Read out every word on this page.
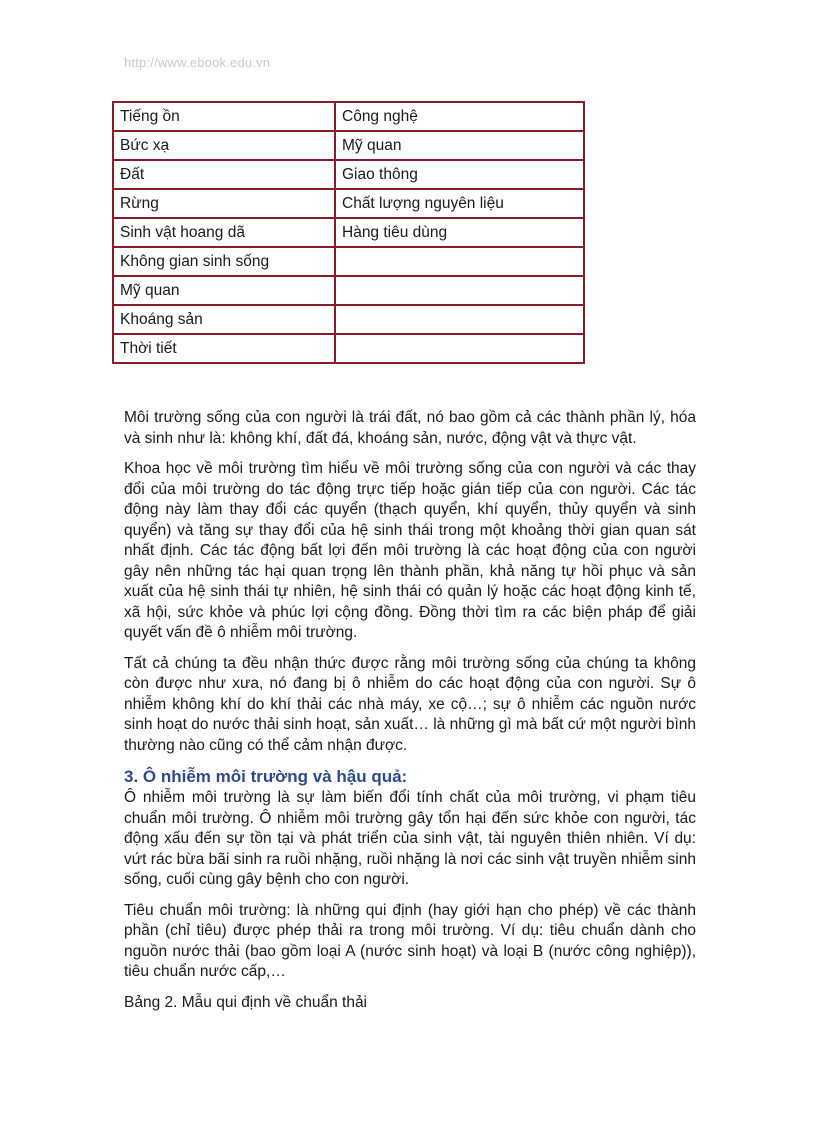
http://www.ebook.edu.vn
Tiếng ồn	Công nghệ
Bức xạ	Mỹ quan
Đất	Giao thông
Rừng	Chất lượng nguyên liệu
Sinh vật hoang dã	Hàng tiêu dùng
Không gian sinh sống	
Mỹ quan	
Khoáng sản	
Thời tiết	

Môi trường sống của con người là trái đất, nó bao gồm cả các thành phần lý, hóa và sinh như là: không khí, đất đá, khoáng sản, nước, động vật và thực vật.

Khoa học về môi trường tìm hiểu về môi trường sống của con người và các thay đổi của môi trường do tác động trực tiếp hoặc gián tiếp của con người. Các tác động này làm thay đổi các quyển (thạch quyển, khí quyển, thủy quyển và sinh quyển) và tăng sự thay đổi của hệ sinh thái trong một khoảng thời gian quan sát nhất định. Các tác động bất lợi đến môi trường là các hoạt động của con người gây nên những tác hại quan trọng lên thành phần, khả năng tự hồi phục và sản xuất của hệ sinh thái tự nhiên, hệ sinh thái có quản lý hoặc các hoạt động kinh tế, xã hội, sức khỏe và phúc lợi cộng đồng. Đồng thời tìm ra các biện pháp để giải quyết vấn đề ô nhiễm môi trường.

Tất cả chúng ta đều nhận thức được rằng môi trường sống của chúng ta không còn được như xưa, nó đang bị ô nhiễm do các hoạt động của con người. Sự ô nhiễm không khí do khí thải các nhà máy, xe cộ…; sự ô nhiễm các nguồn nước sinh hoạt do nước thải sinh hoạt, sản xuất… là những gì mà bất cứ một người bình thường nào cũng có thể cảm nhận được.

3. Ô nhiễm môi trường và hậu quả:

Ô nhiễm môi trường là sự làm biến đổi tính chất của môi trường, vi phạm tiêu chuẩn môi trường. Ô nhiễm môi trường gây tổn hại đến sức khỏe con người, tác động xấu đến sự tồn tại và phát triển của sinh vật, tài nguyên thiên nhiên. Ví dụ: vứt rác bừa bãi sinh ra ruồi nhặng, ruồi nhặng là nơi các sinh vật truyền nhiễm sinh sống, cuối cùng gây bệnh cho con người.

Tiêu chuẩn môi trường: là những qui định (hay giới hạn cho phép) về các thành phần (chỉ tiêu) được phép thải ra trong môi trường. Ví dụ: tiêu chuẩn dành cho nguồn nước thải (bao gồm loại A (nước sinh hoạt) và loại B (nước công nghiệp)), tiêu chuẩn nước cấp,…

Bảng 2. Mẫu qui định về chuẩn thải
